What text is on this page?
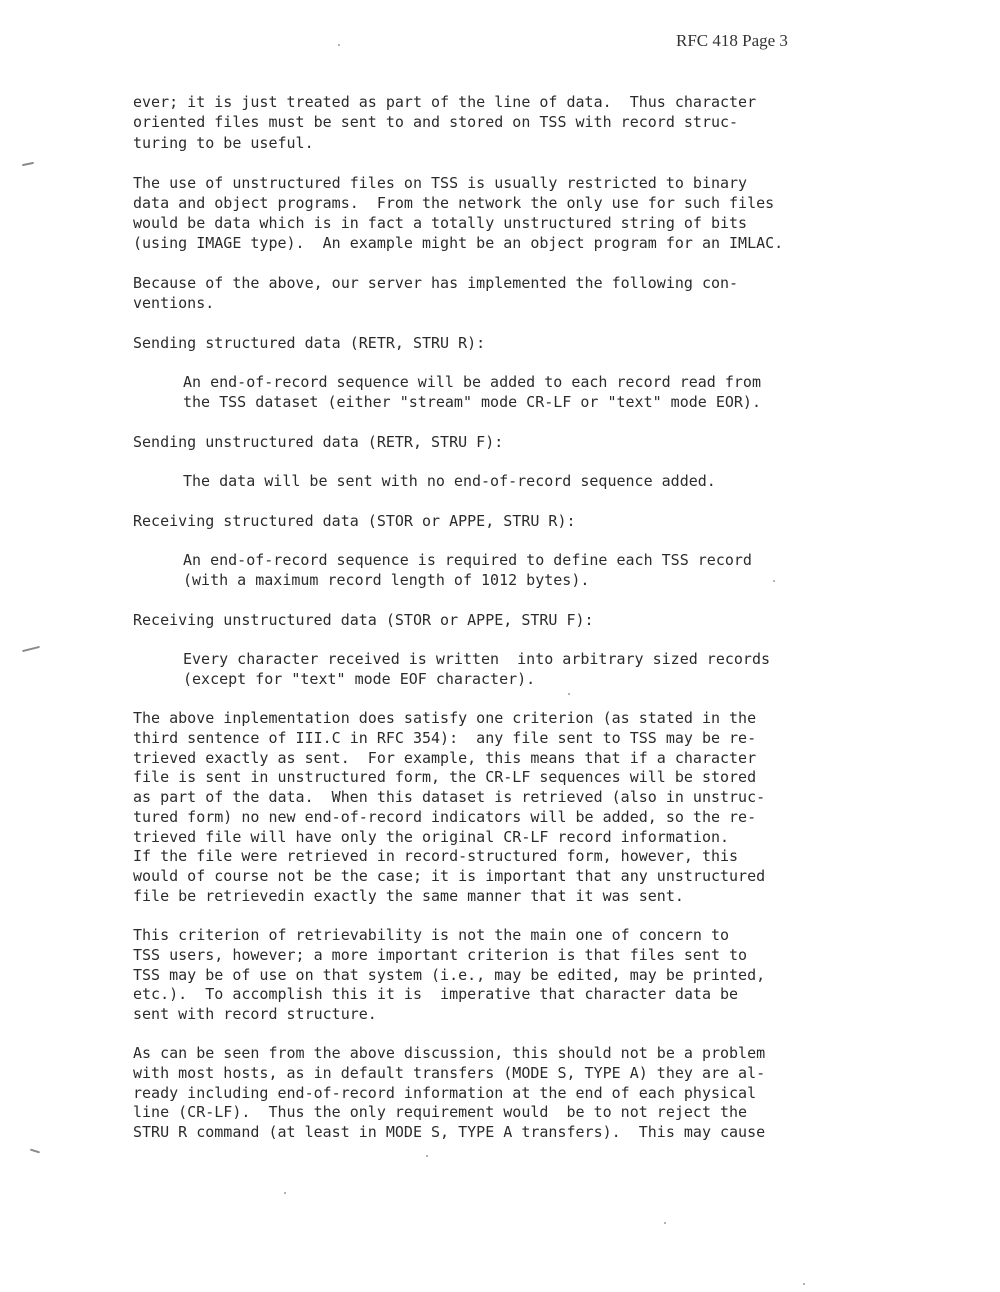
RFC 418 Page 3
ever; it is just treated as part of the line of data.  Thus character
oriented files must be sent to and stored on TSS with record struc-
turing to be useful.
The use of unstructured files on TSS is usually restricted to binary
data and object programs.  From the network the only use for such files
would be data which is in fact a totally unstructured string of bits
(using IMAGE type).  An example might be an object program for an IMLAC.
Because of the above, our server has implemented the following con-
ventions.
Sending structured data (RETR, STRU R):
An end-of-record sequence will be added to each record read from
the TSS dataset (either "stream" mode CR-LF or "text" mode EOR).
Sending unstructured data (RETR, STRU F):
The data will be sent with no end-of-record sequence added.
Receiving structured data (STOR or APPE, STRU R):
An end-of-record sequence is required to define each TSS record
(with a maximum record length of 1012 bytes).
Receiving unstructured data (STOR or APPE, STRU F):
Every character received is written  into arbitrary sized records
(except for "text" mode EOF character).
The above inplementation does satisfy one criterion (as stated in the
third sentence of III.C in RFC 354):  any file sent to TSS may be re-
trieved exactly as sent.  For example, this means that if a character
file is sent in unstructured form, the CR-LF sequences will be stored
as part of the data.  When this dataset is retrieved (also in unstruc-
tured form) no new end-of-record indicators will be added, so the re-
trieved file will have only the original CR-LF record information.
If the file were retrieved in record-structured form, however, this
would of course not be the case; it is important that any unstructured
file be retrievedin exactly the same manner that it was sent.
This criterion of retrievability is not the main one of concern to
TSS users, however; a more important criterion is that files sent to
TSS may be of use on that system (i.e., may be edited, may be printed,
etc.).  To accomplish this it is  imperative that character data be
sent with record structure.
As can be seen from the above discussion, this should not be a problem
with most hosts, as in default transfers (MODE S, TYPE A) they are al-
ready including end-of-record information at the end of each physical
line (CR-LF).  Thus the only requirement would  be to not reject the
STRU R command (at least in MODE S, TYPE A transfers).  This may cause
